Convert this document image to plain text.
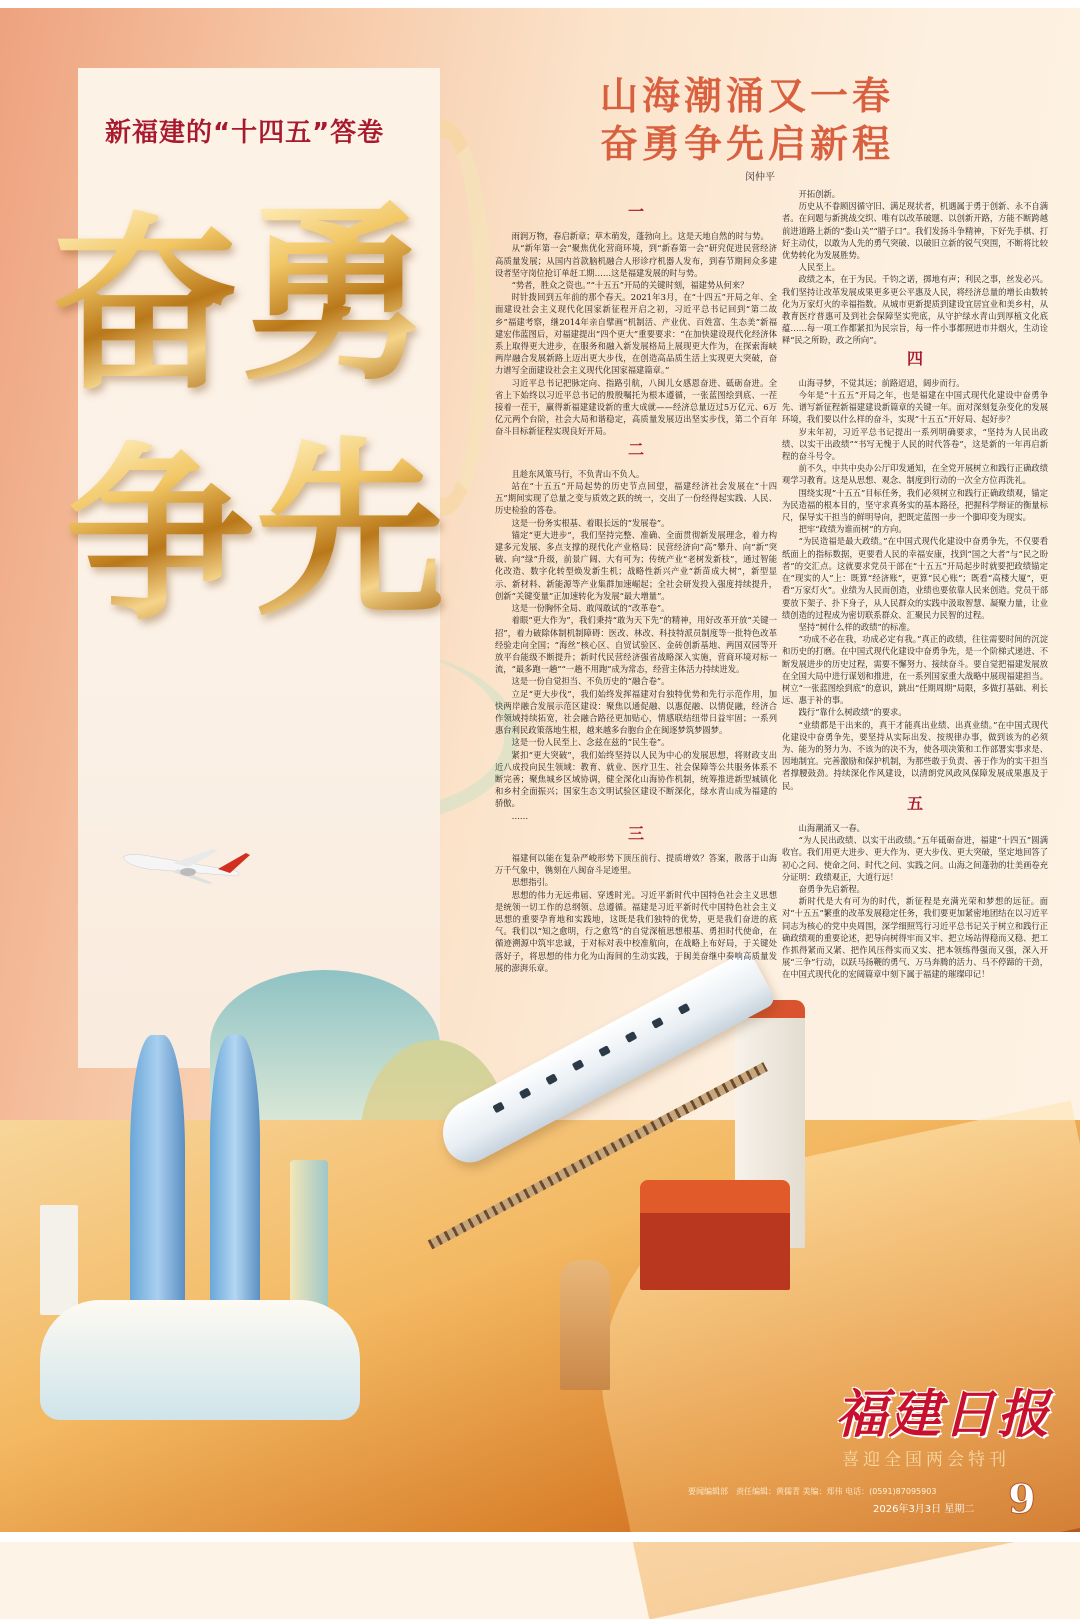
新福建的“十四五”答卷
奋 勇
争 先
山海潮涌又一春
奋勇争先启新程
闵仲平
一

雨润万物，春启新章；草木萌发，蓬勃向上。这是天地自然的时与势。

从“新年第一会”聚焦优化营商环境，到“新春第一会”研究促进民营经济高质量发展；从国内首款脑机融合人形诊疗机器人发布，到春节期间众多建设者坚守岗位抢订单赶工期……这是福建发展的时与势。

“势者，胜众之资也。”“十五五”开局的关键时刻，福建势从何来？

时针拨回到五年前的那个春天。2021年3月，在“十四五”开局之年、全面建设社会主义现代化国家新征程开启之初，习近平总书记回到“第二故乡”福建考察，继2014年亲自擘画“机制活、产业优、百姓富、生态美”新福建宏伟蓝图后，对福建提出“四个更大”重要要求：“在加快建设现代化经济体系上取得更大进步，在服务和融入新发展格局上展现更大作为，在探索海峡两岸融合发展新路上迈出更大步伐，在创造高品质生活上实现更大突破，奋力谱写全面建设社会主义现代化国家福建篇章。”

习近平总书记把脉定向、指路引航，八闽儿女感恩奋进、砥砺奋进。全省上下始终以习近平总书记的殷殷嘱托为根本遵循，一张蓝图绘到底、一茬接着一茬干，赢得新福建建设新的重大成就——经济总量迈过5万亿元、6万亿元两个台阶，社会大局和谐稳定，高质量发展迈出坚实步伐，第二个百年奋斗目标新征程实现良好开局。

二

且趁东风策马行，不负青山不负人。

站在“十五五”开局起势的历史节点回望，福建经济社会发展在“十四五”期间实现了总量之变与质效之跃的统一，交出了一份经得起实践、人民、历史检验的答卷。

这是一份务实根基、着眼长远的“发展卷”。

锚定“更大进步”，我们坚持完整、准确、全面贯彻新发展理念，着力构建多元发展、多点支撑的现代化产业格局：民营经济向“高”攀升、向“新”突破、向“绿”升级，前景广阔、大有可为；传统产业“老树发新枝”，通过智能化改造、数字化转型焕发新生机；战略性新兴产业“新苗成大树”，新型显示、新材料、新能源等产业集群加速崛起；全社会研发投入强度持续提升，创新“关键变量”正加速转化为发展“最大增量”。

这是一份胸怀全局、敢闯敢试的“改革卷”。

着眼“更大作为”，我们秉持“敢为天下先”的精神，用好改革开放“关键一招”，着力破除体制机制障碍：医改、林改、科技特派员制度等一批特色改革经验走向全国；“海丝”核心区、自贸试验区、金砖创新基地、两国双园等开放平台能级不断提升；新时代民营经济强省战略深入实施，营商环境对标一流，“最多跑一趟”“一趟不用跑”成为常态，经营主体活力持续迸发。

这是一份自觉担当、不负历史的“融合卷”。

立足“更大步伐”，我们始终发挥福建对台独特优势和先行示范作用，加快两岸融合发展示范区建设：聚焦以通促融、以惠促融、以情促融，经济合作领域持续拓宽，社会融合路径更加贴心，情感联结纽带日益牢固；一系列惠台利民政策落地生根，越来越多台胞台企在闽逐梦筑梦圆梦。

这是一份人民至上、念兹在兹的“民生卷”。

紧扣“更大突破”，我们始终坚持以人民为中心的发展思想，将财政支出近八成投向民生领域：教育、就业、医疗卫生、社会保障等公共服务体系不断完善；聚焦城乡区域协调，健全深化山海协作机制，统筹推进新型城镇化和乡村全面振兴；国家生态文明试验区建设不断深化，绿水青山成为福建的骄傲。

……

三

福建何以能在复杂严峻形势下顶压前行、提质增效？答案，散落于山海万千气象中，镌刻在八闽奋斗足迹里。

思想指引。

思想的伟力无远弗届、穿透时光。习近平新时代中国特色社会主义思想是统领一切工作的总纲领、总遵循。福建是习近平新时代中国特色社会主义思想的重要孕育地和实践地，这既是我们独特的优势，更是我们奋进的底气。我们以“知之愈明，行之愈笃”的自觉深植思想根基、勇担时代使命，在循迹溯源中筑牢忠诚，于对标对表中校准航向，在战略上布好局，于关键处落好子，将思想的伟力化为山海间的生动实践，于闽美奋继中奏响高质量发展的澎湃乐章。

开拓创新。

历史从不眷顾因循守旧、满足现状者，机遇属于勇于创新、永不自满者。在问题与新挑战交织、唯有以改革破题、以创新开路，方能不断跨越前进道路上新的“娄山关”“腊子口”。我们发扬斗争精神，下好先手棋、打好主动仗，以敢为人先的勇气突破、以破旧立新的锐气突围，不断将比较优势转化为发展胜势。

人民至上。

政绩之本，在于为民。千钧之诺，掷地有声；利民之事，丝发必兴。我们坚持让改革发展成果更多更公平惠及人民，将经济总量的增长由数转化为万家灯火的幸福指数。从城市更新提质到建设宜居宜业和美乡村，从教育医疗普惠可及到社会保障坚实兜底，从守护绿水青山到厚植文化底蕴……每一项工作都紧扣为民宗旨，每一件小事都照进市井烟火，生动诠释“民之所盼，政之所向”。

四

山海寻梦，不觉其远；前路迢迢，阔步而行。

今年是“十五五”开局之年，也是福建在中国式现代化建设中奋勇争先、谱写新征程新福建建设新篇章的关键一年。面对深刻复杂变化的发展环境，我们要以什么样的奋斗，实现“十五五”开好局、起好步？

岁末年初，习近平总书记提出一系列明确要求，“坚持为人民出政绩、以实干出政绩”“书写无愧于人民的时代答卷”，这是新的一年再启新程的奋斗号令。

前不久，中共中央办公厅印发通知，在全党开展树立和践行正确政绩观学习教育。这是从思想、观念、制度到行动的一次全方位再洗礼。

围绕实现“十五五”目标任务，我们必须树立和践行正确政绩观，锚定为民造福的根本目的，坚守求真务实的基本路径，把握科学辩证的衡量标尺，保导实干担当的鲜明导向，把既定蓝图一步一个脚印变为现实。

把牢“政绩为谁而树”的方向。

“为民造福是最大政绩。”在中国式现代化建设中奋勇争先，不仅要看纸面上的指标数据，更要看人民的幸福安康，找到“国之大者”与“民之盼者”的交汇点。这就要求党员干部在“十五五”开局起步时就要把政绩锚定在“现实的人”上：既算“经济账”，更算“民心账”；既看“高楼大厦”，更看“万家灯火”。业绩为人民而创造，业绩也要依靠人民来创造。党员干部要放下架子、扑下身子，从人民群众的实践中汲取智慧、凝聚力量，让业绩创造的过程成为密切联系群众、汇聚民力民智的过程。

坚持“树什么样的政绩”的标准。

“功成不必在我，功成必定有我。”真正的政绩，往往需要时间的沉淀和历史的打磨。在中国式现代化建设中奋勇争先，是一个阶梯式递进、不断发展进步的历史过程，需要不懈努力、接续奋斗。要自觉把福建发展放在全国大局中进行谋划和推进，在一系列国家重大战略中展现福建担当。树立“一张蓝图绘到底”的意识，跳出“任期周期”局限，多做打基础、利长远、惠于补的事。

践行“靠什么树政绩”的要求。

“业绩都是干出来的，真干才能真出业绩、出真业绩。”在中国式现代化建设中奋勇争先，要坚持从实际出发、按规律办事，做到该为的必须为、能为的努力为、不该为的决不为，使各项决策和工作部署实事求是、因地制宜。完善激励和保护机制，为那些敢于负责、善于作为的实干担当者撑腰鼓劲。持续深化作风建设，以清朗党风政风保障发展成果惠及于民。

五

山海潮涌又一春。

“为人民出政绩、以实干出政绩。”五年砥砺奋进，福建“十四五”圆满收官。我们用更大进步、更大作为、更大步伐、更大突破，坚定地回答了初心之问、使命之问、时代之问、实践之问。山海之间蓬勃的壮美画卷充分证明：政绩观正，大道行远！

奋勇争先启新程。

新时代是大有可为的时代，新征程是充满光荣和梦想的远征。面对“十五五”繁重的改革发展稳定任务，我们要更加紧密地团结在以习近平同志为核心的党中央周围，深学细照笃行习近平总书记关于树立和践行正确政绩观的重要论述，把导向树得牢而又牢、把立场站得稳而又稳、把工作抓得紧而又紧、把作风压得实而又实、把本领练得强而又强，深入开展“三争”行动，以跃马扬鞭的勇气、万马奔腾的活力、马不停蹄的干劲，在中国式现代化的宏阔篇章中刻下属于福建的璀璨印记！

福建日报
喜迎全国两会特刊
要闻编辑部　责任编辑：黄儒青 美编：郑伟 电话：(0591)87095903
2026年3月3日 星期二 9
